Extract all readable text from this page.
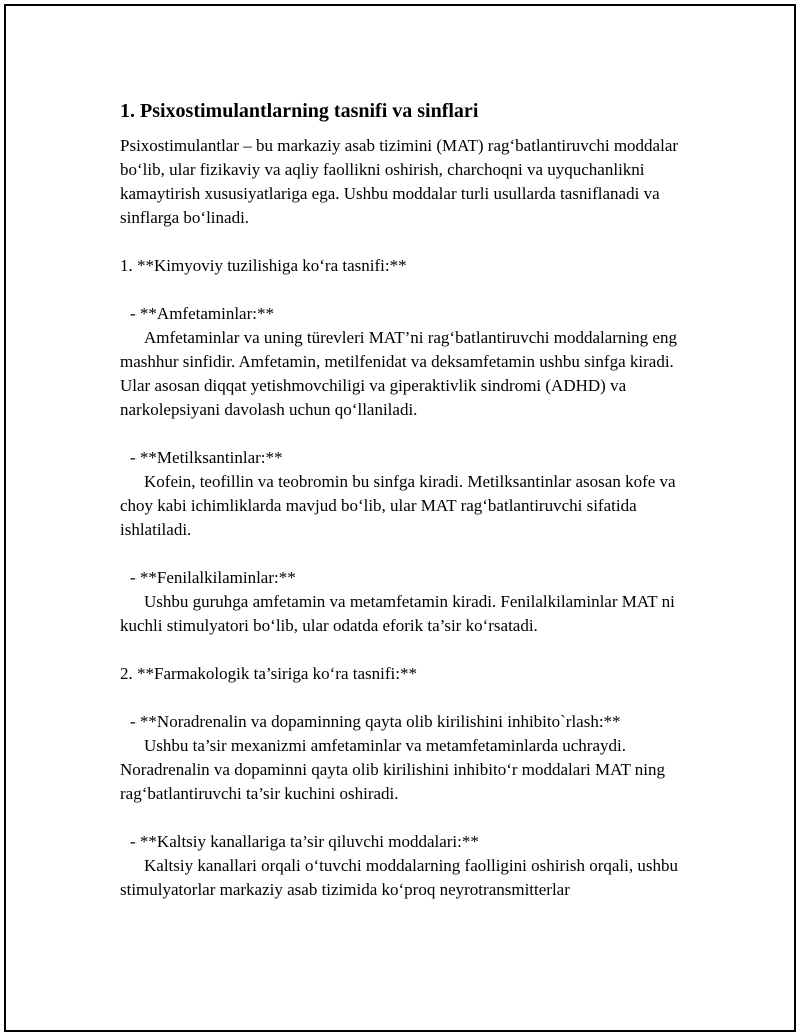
1. Psixostimulantlarning tasnifi va sinflari

Psixostimulantlar – bu markaziy asab tizimini (MAT) rag‘batlantiruvchi moddalar bo‘lib, ular fizikaviy va aqliy faollikni oshirish, charchoqni va uyquchanlikni kamaytirish xususiyatlariga ega. Ushbu moddalar turli usullarda tasniflanadi va sinflarga bo‘linadi.

1. **Kimyoviy tuzilishiga ko‘ra tasnifi:**

- **Amfetaminlar:**

Amfetaminlar va uning türevleri MAT’ni rag‘batlantiruvchi moddalarning eng mashhur sinfidir. Amfetamin, metilfenidat va deksamfetamin ushbu sinfga kiradi. Ular asosan diqqat yetishmovchiligi va giperaktivlik sindromi (ADHD) va narkolepsiyani davolash uchun qo‘llaniladi.

- **Metilksantinlar:**

Kofein, teofillin va teobromin bu sinfga kiradi. Metilksantinlar asosan kofe va choy kabi ichimliklarda mavjud bo‘lib, ular MAT rag‘batlantiruvchi sifatida ishlatiladi.

- **Fenilalkilaminlar:**

Ushbu guruhga amfetamin va metamfetamin kiradi. Fenilalkilaminlar MAT ni kuchli stimulyatori bo‘lib, ular odatda eforik ta’sir ko‘rsatadi.

2. **Farmakologik ta’siriga ko‘ra tasnifi:**

- **Noradrenalin va dopaminning qayta olib kirilishini inhibito`rlash:**

Ushbu ta’sir mexanizmi amfetaminlar va metamfetaminlarda uchraydi. Noradrenalin va dopaminni qayta olib kirilishini inhibito‘r moddalari MAT ning rag‘batlantiruvchi ta’sir kuchini oshiradi.

- **Kaltsiy kanallariga ta’sir qiluvchi moddalari:**

Kaltsiy kanallari orqali o‘tuvchi moddalarning faolligini oshirish orqali, ushbu stimulyatorlar markaziy asab tizimida ko‘proq neyrotransmitterlar
